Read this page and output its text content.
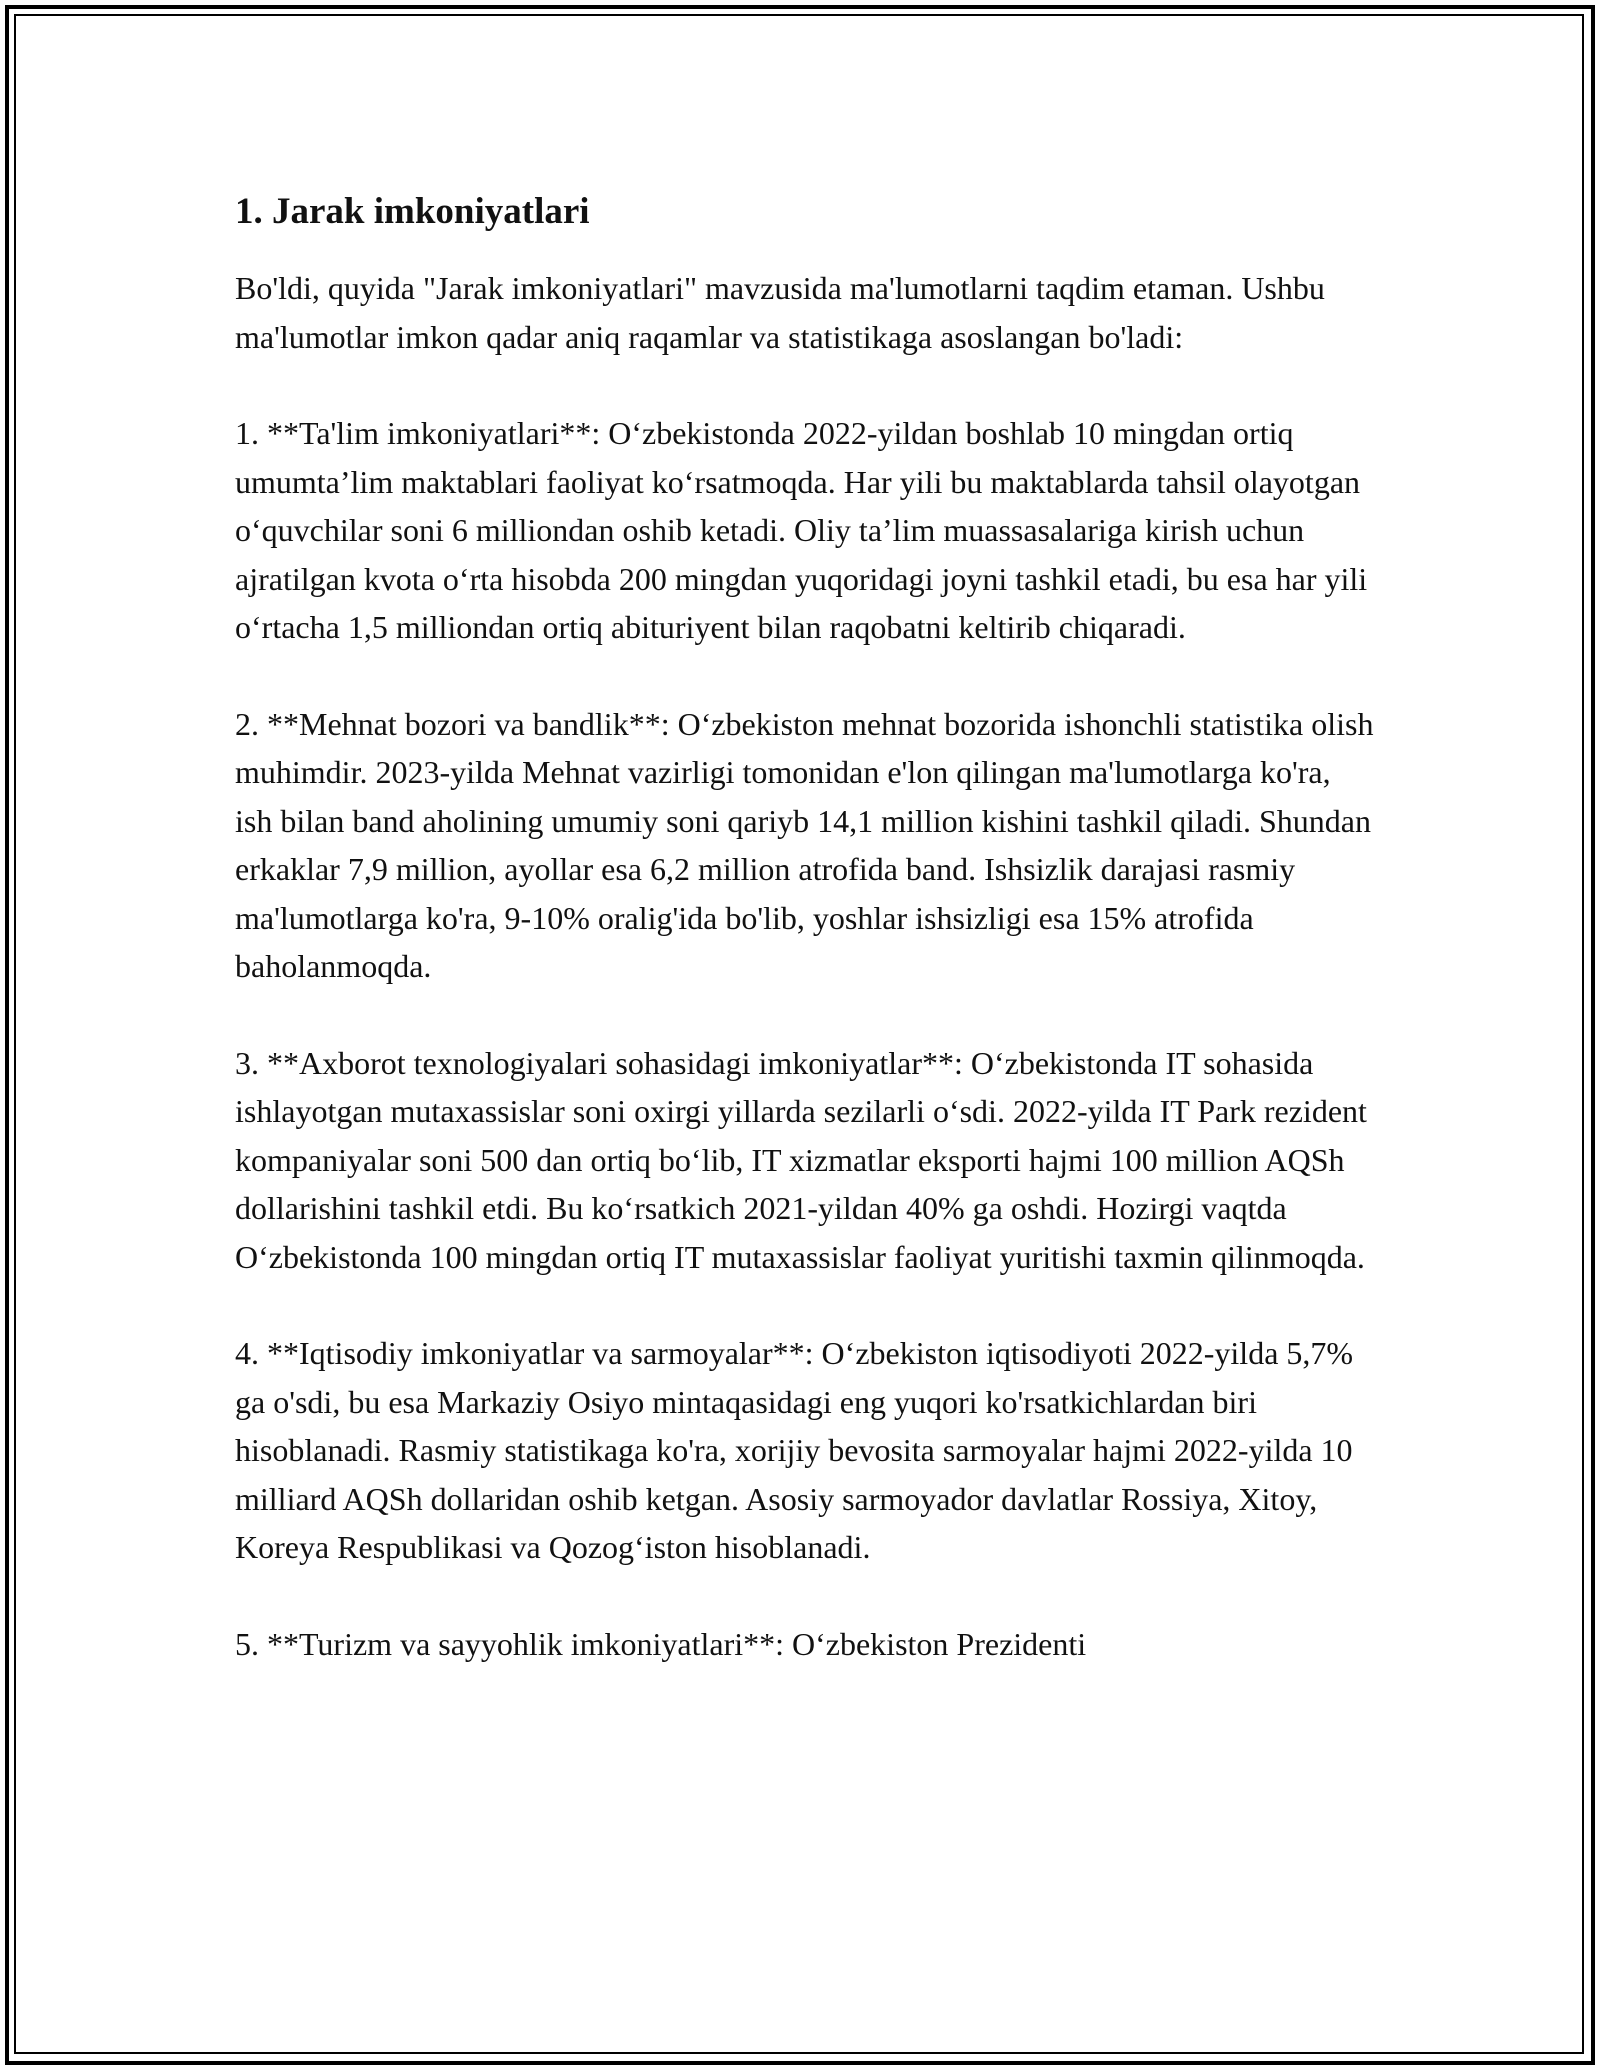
1. Jarak imkoniyatlari

Bo'ldi, quyida "Jarak imkoniyatlari" mavzusida ma'lumotlarni taqdim etaman. Ushbu ma'lumotlar imkon qadar aniq raqamlar va statistikaga asoslangan bo'ladi:

1. **Ta'lim imkoniyatlari**: O‘zbekistonda 2022-yildan boshlab 10 mingdan ortiq umumta’lim maktablari faoliyat ko‘rsatmoqda. Har yili bu maktablarda tahsil olayotgan o‘quvchilar soni 6 milliondan oshib ketadi. Oliy ta’lim muassasalariga kirish uchun ajratilgan kvota o‘rta hisobda 200 mingdan yuqoridagi joyni tashkil etadi, bu esa har yili o‘rtacha 1,5 milliondan ortiq abituriyent bilan raqobatni keltirib chiqaradi.

2. **Mehnat bozori va bandlik**: O‘zbekiston mehnat bozorida ishonchli statistika olish muhimdir. 2023-yilda Mehnat vazirligi tomonidan e'lon qilingan ma'lumotlarga ko'ra, ish bilan band aholining umumiy soni qariyb 14,1 million kishini tashkil qiladi. Shundan erkaklar 7,9 million, ayollar esa 6,2 million atrofida band. Ishsizlik darajasi rasmiy ma'lumotlarga ko'ra, 9-10% oralig'ida bo'lib, yoshlar ishsizligi esa 15% atrofida baholanmoqda.

3. **Axborot texnologiyalari sohasidagi imkoniyatlar**: O‘zbekistonda IT sohasida ishlayotgan mutaxassislar soni oxirgi yillarda sezilarli o‘sdi. 2022-yilda IT Park rezident kompaniyalar soni 500 dan ortiq bo‘lib, IT xizmatlar eksporti hajmi 100 million AQSh dollarishini tashkil etdi. Bu ko‘rsatkich 2021-yildan 40% ga oshdi. Hozirgi vaqtda O‘zbekistonda 100 mingdan ortiq IT mutaxassislar faoliyat yuritishi taxmin qilinmoqda.

4. **Iqtisodiy imkoniyatlar va sarmoyalar**: O‘zbekiston iqtisodiyoti 2022-yilda 5,7% ga o'sdi, bu esa Markaziy Osiyo mintaqasidagi eng yuqori ko'rsatkichlardan biri hisoblanadi. Rasmiy statistikaga ko'ra, xorijiy bevosita sarmoyalar hajmi 2022-yilda 10 milliard AQSh dollaridan oshib ketgan. Asosiy sarmoyador davlatlar Rossiya, Xitoy, Koreya Respublikasi va Qozog‘iston hisoblanadi.

5. **Turizm va sayyohlik imkoniyatlari**: O‘zbekiston Prezidenti
